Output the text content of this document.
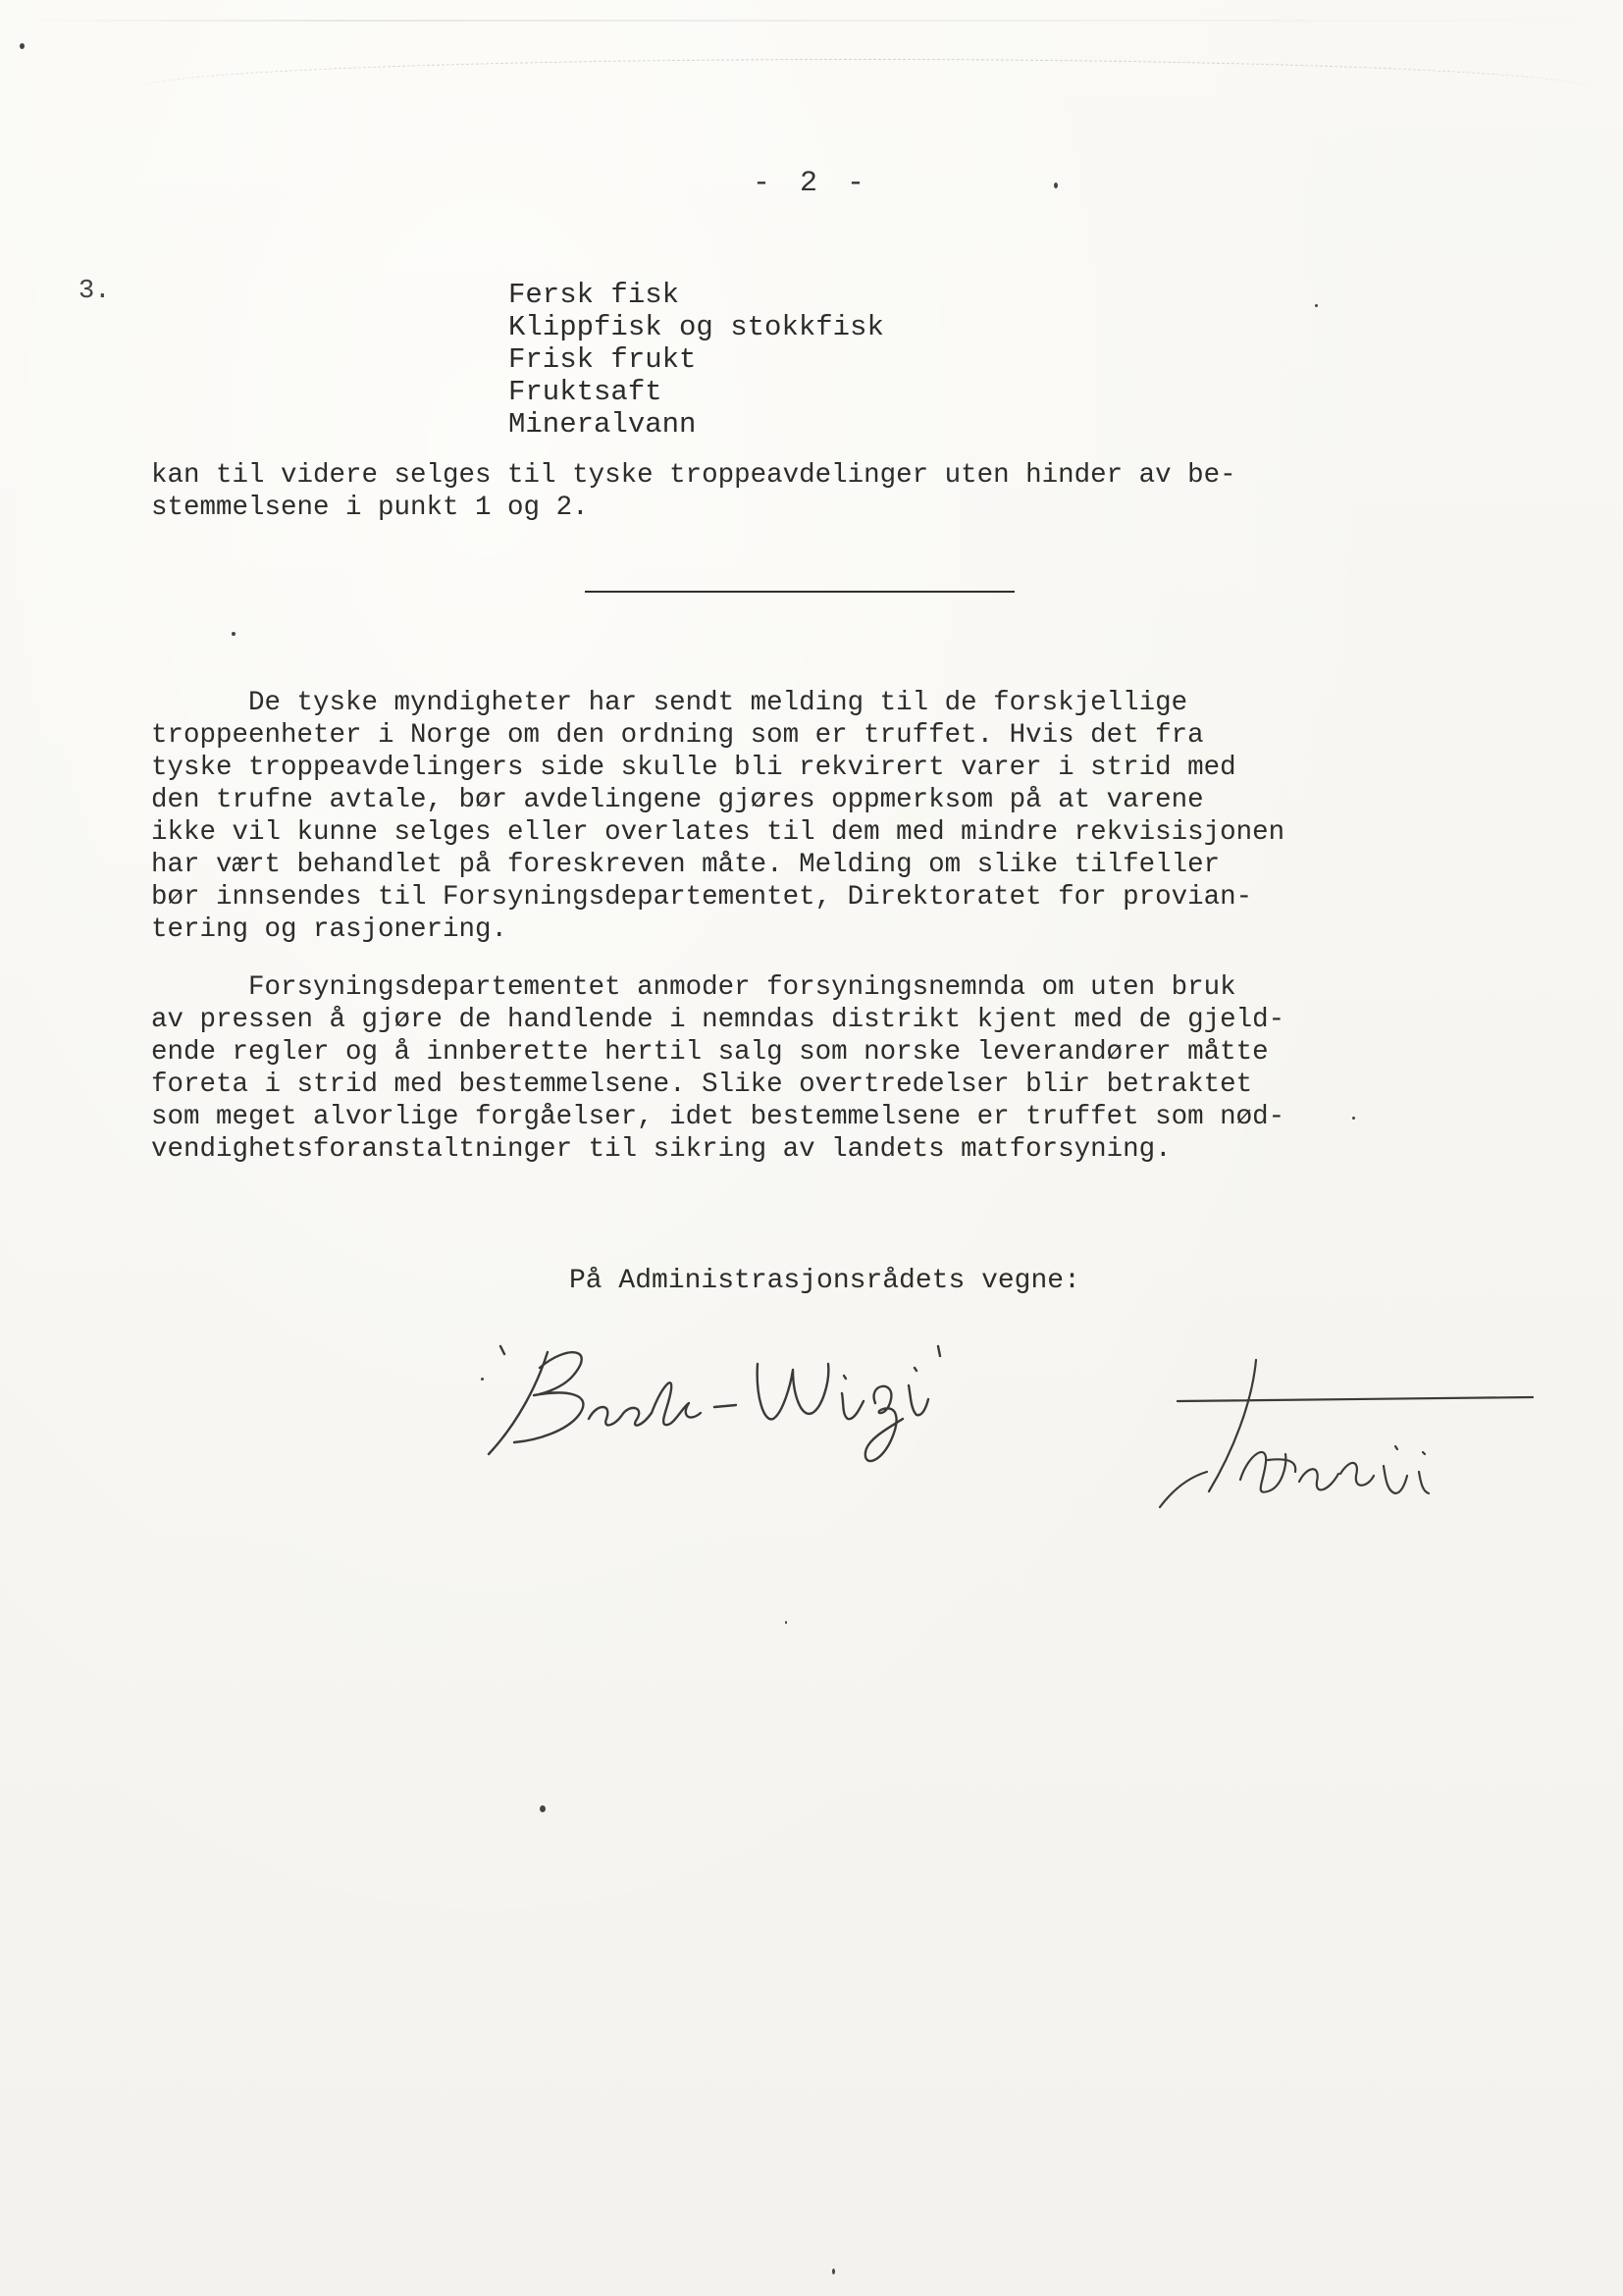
- 2 -
3.	Fersk fisk
Klippfisk og stokkfisk
Frisk frukt
Fruktsaft
Mineralvann
kan til videre selges til tyske troppeavdelinger uten hinder av be-
stemmelsene i punkt 1 og 2.
De tyske myndigheter har sendt melding til de forskjellige
troppeenheter i Norge om den ordning som er truffet. Hvis det fra
tyske troppeavdelingers side skulle bli rekvirert varer i strid med
den trufne avtale, bør avdelingene gjøres oppmerksom på at varene
ikke vil kunne selges eller overlates til dem med mindre rekvisisjonen
har vært behandlet på foreskreven måte. Melding om slike tilfeller
bør innsendes til Forsyningsdepartementet, Direktoratet for provian-
tering og rasjonering.
Forsyningsdepartementet anmoder forsyningsnemnda om uten bruk
av pressen å gjøre de handlende i nemndas distrikt kjent med de gjeld-
ende regler og å innberette hertil salg som norske leverandører måtte
foreta i strid med bestemmelsene. Slike overtredelser blir betraktet
som meget alvorlige forgåelser, idet bestemmelsene er truffet som nød-
vendighetsforanstaltninger til sikring av landets matforsyning.
På Administrasjonsrådets vegne:
